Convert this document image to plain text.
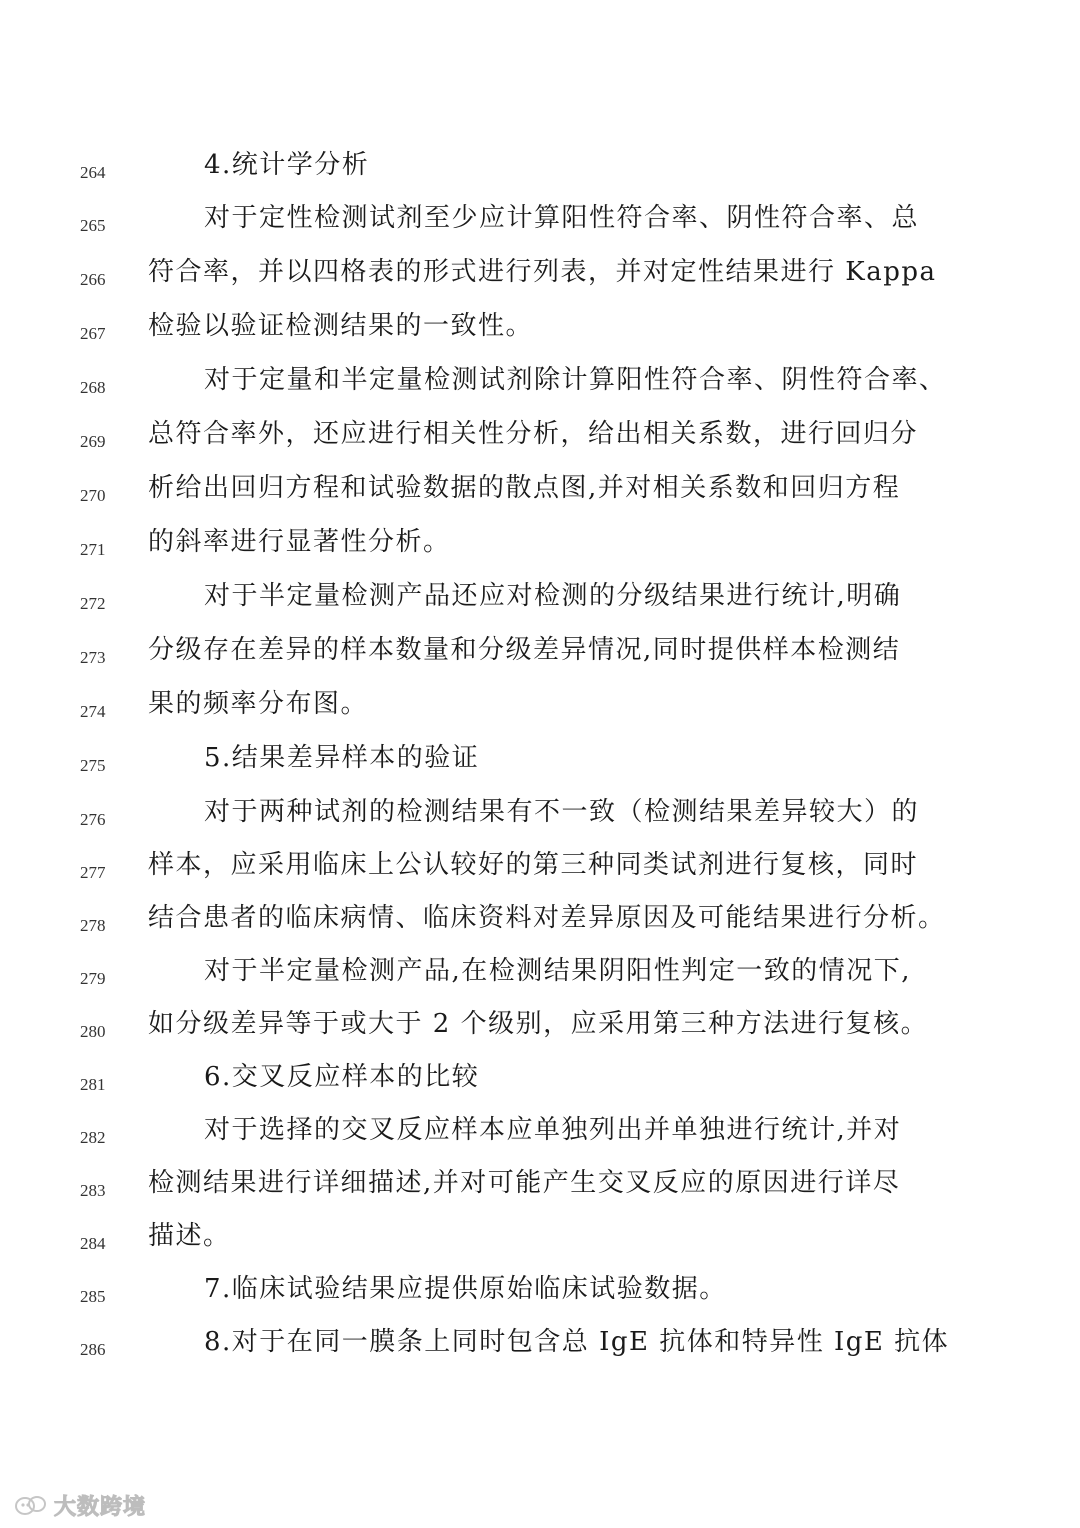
264	4.统计学分析
265	对于定性检测试剂至少应计算阳性符合率、阴性符合率、总
266	符合率，并以四格表的形式进行列表，并对定性结果进行 Kappa
267	检验以验证检测结果的一致性。
268	对于定量和半定量检测试剂除计算阳性符合率、阴性符合率、
269	总符合率外，还应进行相关性分析，给出相关系数，进行回归分
270	析给出回归方程和试验数据的散点图,并对相关系数和回归方程
271	的斜率进行显著性分析。
272	对于半定量检测产品还应对检测的分级结果进行统计,明确
273	分级存在差异的样本数量和分级差异情况,同时提供样本检测结
274	果的频率分布图。
275	5.结果差异样本的验证
276	对于两种试剂的检测结果有不一致（检测结果差异较大）的
277	样本，应采用临床上公认较好的第三种同类试剂进行复核，同时
278	结合患者的临床病情、临床资料对差异原因及可能结果进行分析。
279	对于半定量检测产品,在检测结果阴阳性判定一致的情况下,
280	如分级差异等于或大于 2 个级别，应采用第三种方法进行复核。
281	6.交叉反应样本的比较
282	对于选择的交叉反应样本应单独列出并单独进行统计,并对
283	检测结果进行详细描述,并对可能产生交叉反应的原因进行详尽
284	描述。
285	7.临床试验结果应提供原始临床试验数据。
286	8.对于在同一膜条上同时包含总 IgE 抗体和特异性 IgE 抗体
大数跨境
